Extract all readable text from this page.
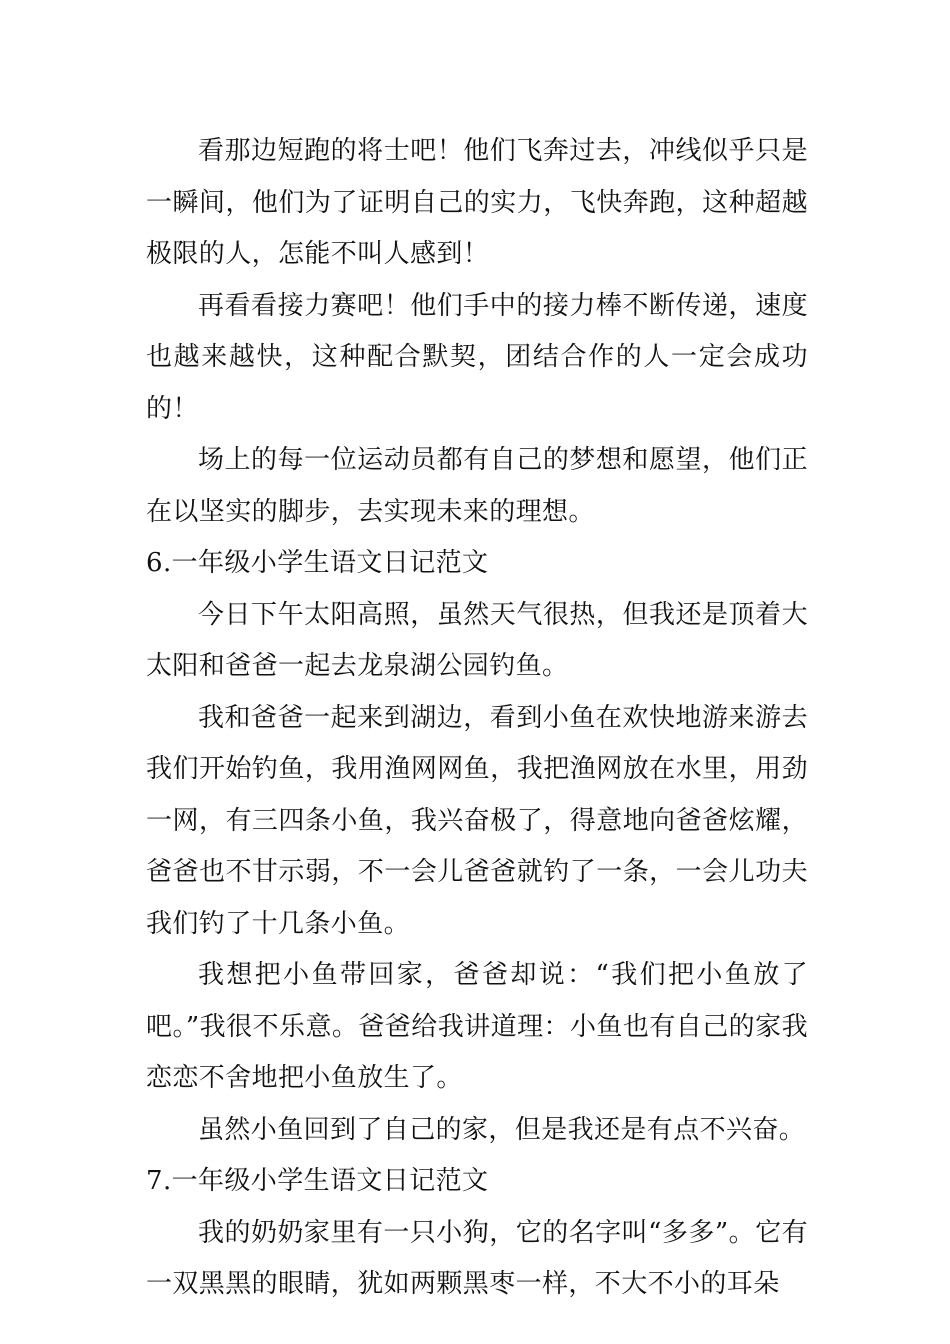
看那边短跑的将士吧！他们飞奔过去，冲线似乎只是一瞬间，他们为了证明自己的实力，飞快奔跑，这种超越极限的人，怎能不叫人感到！

再看看接力赛吧！他们手中的接力棒不断传递，速度也越来越快，这种配合默契，团结合作的人一定会成功的！

场上的每一位运动员都有自己的梦想和愿望，他们正在以坚实的脚步，去实现未来的理想。

6.一年级小学生语文日记范文

今日下午太阳高照，虽然天气很热，但我还是顶着大太阳和爸爸一起去龙泉湖公园钓鱼。

我和爸爸一起来到湖边，看到小鱼在欢快地游来游去我们开始钓鱼，我用渔网网鱼，我把渔网放在水里，用劲一网，有三四条小鱼，我兴奋极了，得意地向爸爸炫耀，爸爸也不甘示弱，不一会儿爸爸就钓了一条，一会儿功夫我们钓了十几条小鱼。

我想把小鱼带回家，爸爸却说：“我们把小鱼放了吧。”我很不乐意。爸爸给我讲道理：小鱼也有自己的家我恋恋不舍地把小鱼放生了。

虽然小鱼回到了自己的家，但是我还是有点不兴奋。

7.一年级小学生语文日记范文

我的奶奶家里有一只小狗，它的名字叫“多多”。它有一双黑黑的眼睛，犹如两颗黑枣一样，不大不小的耳朵
